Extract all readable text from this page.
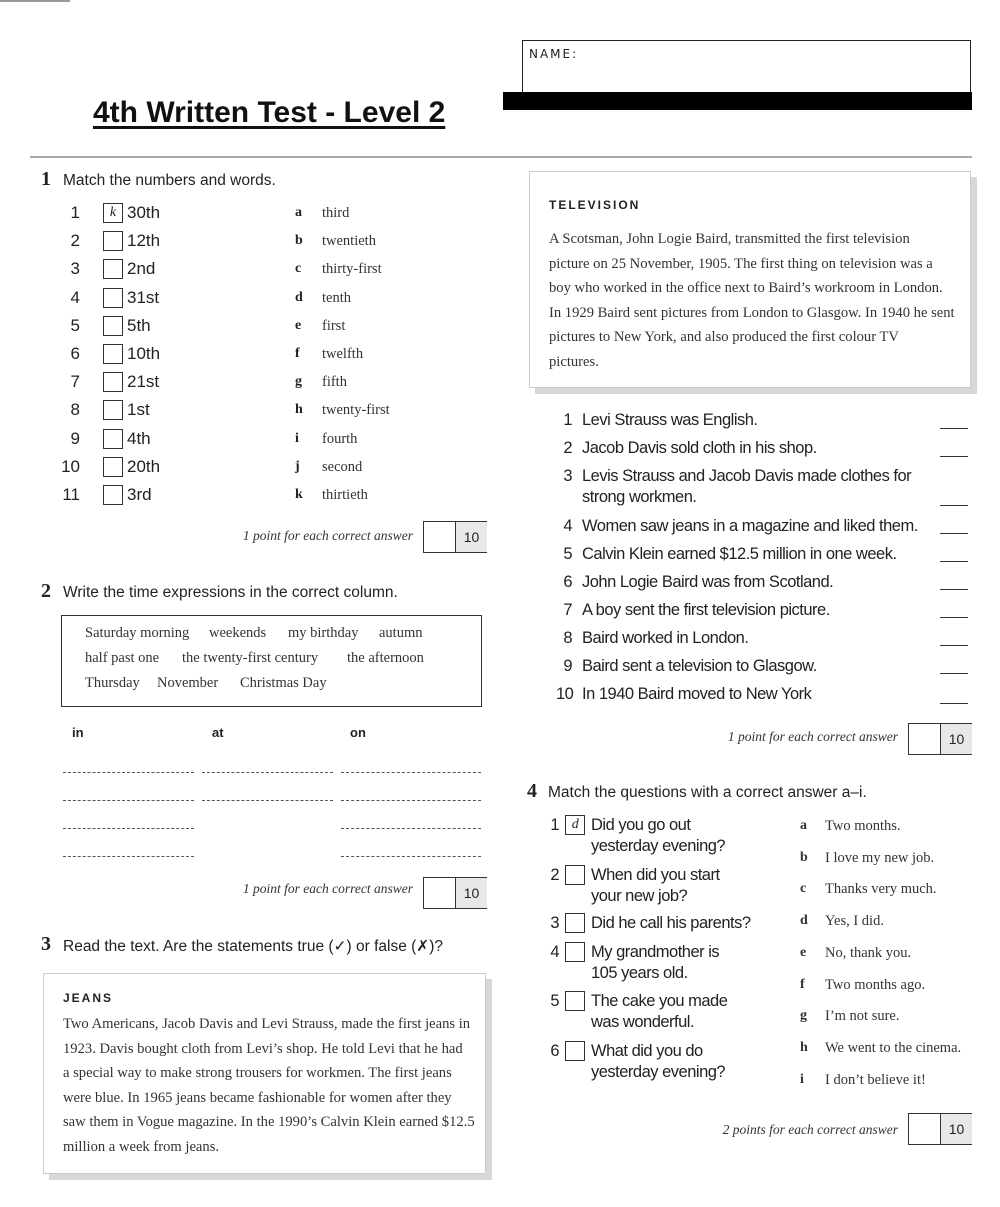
NAME:
4th Written Test - Level 2
1 Match the numbers and words.
1	k 30th
2	12th
3	2nd
4	31st
5	5th
6	10th
7	21st
8	1st
9	4th
10	20th
11	3rd
a third
b twentieth
c thirty-first
d tenth
e first
f twelfth
g fifth
h twenty-first
i fourth
j second
k thirtieth
1 point for each correct answer	10
2 Write the time expressions in the correct column.
Saturday morning weekends my birthday autumn
half past one the twenty-first century the afternoon
Thursday November Christmas Day
in	at	on
1 point for each correct answer	10
3 Read the text. Are the statements true (✓) or false (✗)?
JEANS
Two Americans, Jacob Davis and Levi Strauss, made the first jeans in
1923. Davis bought cloth from Levi’s shop. He told Levi that he had
a special way to make strong trousers for workmen. The first jeans
were blue. In 1965 jeans became fashionable for women after they
saw them in Vogue magazine. In the 1990’s Calvin Klein earned $12.5
million a week from jeans.
TELEVISION
A Scotsman, John Logie Baird, transmitted the first television
picture on 25 November, 1905. The first thing on television was a
boy who worked in the office next to Baird’s workroom in London.
In 1929 Baird sent pictures from London to Glasgow. In 1940 he sent
pictures to New York, and also produced the first colour TV
pictures.
1 Levi Strauss was English.
2 Jacob Davis sold cloth in his shop.
3 Levis Strauss and Jacob Davis made clothes for
strong workmen.
4 Women saw jeans in a magazine and liked them.
5 Calvin Klein earned $12.5 million in one week.
6 John Logie Baird was from Scotland.
7 A boy sent the first television picture.
8 Baird worked in London.
9 Baird sent a television to Glasgow.
10 In 1940 Baird moved to New York
1 point for each correct answer	10
4 Match the questions with a correct answer a–i.
1 d Did you go out
yesterday evening?
2 When did you start
your new job?
3 Did he call his parents?
4 My grandmother is
105 years old.
5 The cake you made
was wonderful.
6 What did you do
yesterday evening?
a Two months.
b I love my new job.
c Thanks very much.
d Yes, I did.
e No, thank you.
f Two months ago.
g I’m not sure.
h We went to the cinema.
i I don’t believe it!
2 points for each correct answer	10
